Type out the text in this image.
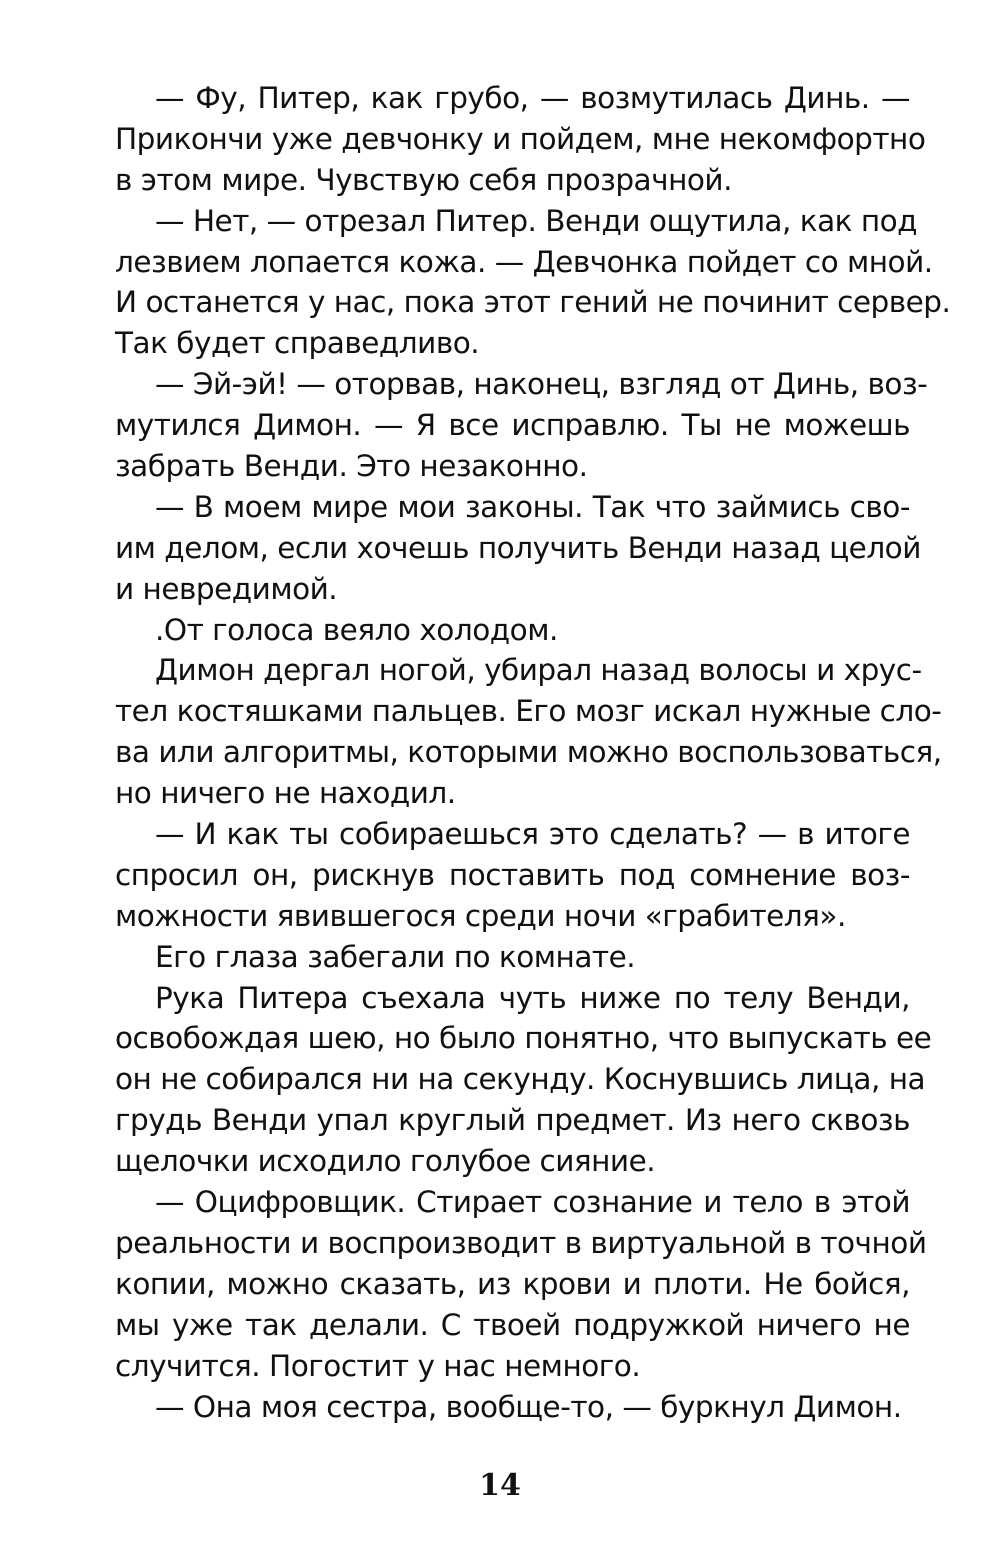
— Фу, Питер, как грубо, — возмутилась Динь. —
Прикончи уже девчонку и пойдем, мне некомфортно
в этом мире. Чувствую себя прозрачной.
— Нет, — отрезал Питер. Венди ощутила, как под
лезвием лопается кожа. — Девчонка пойдет со мной.
И останется у нас, пока этот гений не починит сервер.
Так будет справедливо.
— Эй-эй! — оторвав, наконец, взгляд от Динь, воз-
мутился Димон. — Я все исправлю. Ты не можешь
забрать Венди. Это незаконно.
— В моем мире мои законы. Так что займись сво-
им делом, если хочешь получить Венди назад целой
и невредимой.
.От голоса веяло холодом.
Димон дергал ногой, убирал назад волосы и хрус-
тел костяшками пальцев. Его мозг искал нужные сло-
ва или алгоритмы, которыми можно воспользоваться,
но ничего не находил.
— И как ты собираешься это сделать? — в итоге
спросил он, рискнув поставить под сомнение воз-
можности явившегося среди ночи «грабителя».
Его глаза забегали по комнате.
Рука Питера съехала чуть ниже по телу Венди,
освобождая шею, но было понятно, что выпускать ее
он не собирался ни на секунду. Коснувшись лица, на
грудь Венди упал круглый предмет. Из него сквозь
щелочки исходило голубое сияние.
— Оцифровщик. Стирает сознание и тело в этой
реальности и воспроизводит в виртуальной в точной
копии, можно сказать, из крови и плоти. Не бойся,
мы уже так делали. С твоей подружкой ничего не
случится. Погостит у нас немного.
— Она моя сестра, вообще-то, — буркнул Димон.
14
